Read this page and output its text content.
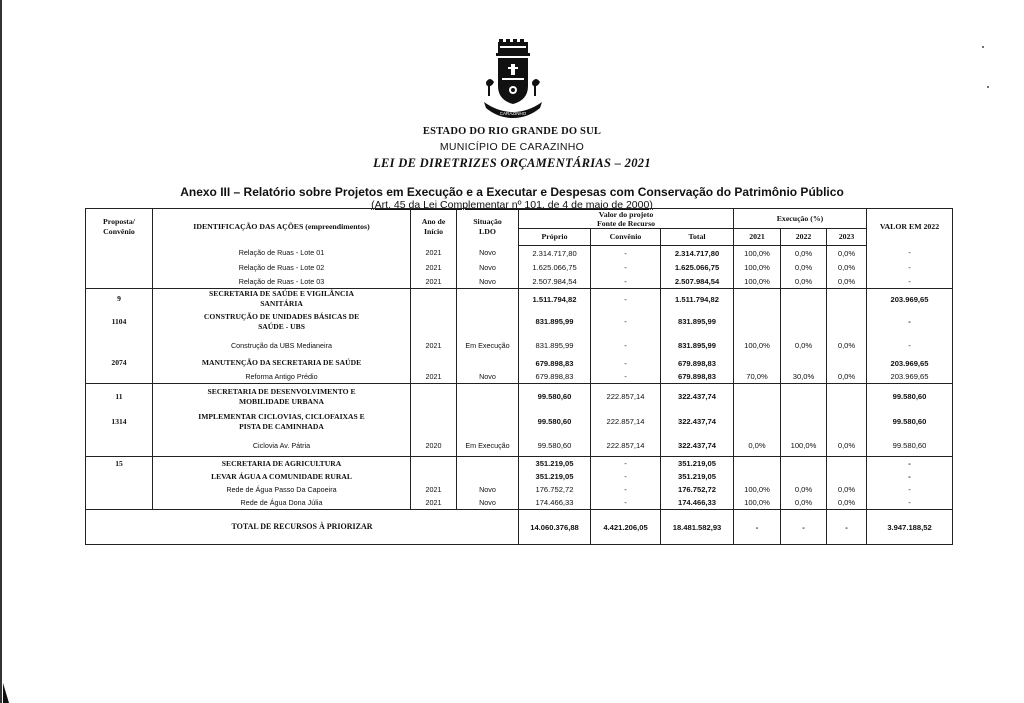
CARAZINHO
ESTADO DO RIO GRANDE DO SUL
MUNICÍPIO DE CARAZINHO
LEI DE DIRETRIZES ORÇAMENTÁRIAS – 2021
Anexo III – Relatório sobre Projetos em Execução e a Executar e Despesas com Conservação do Patrimônio Público
(Art. 45 da Lei Complementar nº 101, de 4 de maio de 2000)
Proposta/ Convênio	IDENTIFICAÇÃO DAS AÇÕES (empreendimentos)	Ano de Início	Situação LDO	Valor do projeto Fonte de Recurso			Execução (%)			VALOR EM 2022
				Próprio	Convênio	Total	2021	2022	2023	
	Relação de Ruas - Lote 01	2021	Novo	2.314.717,80	-	2.314.717,80	100,0%	0,0%	0,0%	-
	Relação de Ruas - Lote 02	2021	Novo	1.625.066,75	-	1.625.066,75	100,0%	0,0%	0,0%	-
	Relação de Ruas - Lote 03	2021	Novo	2.507.984,54	-	2.507.984,54	100,0%	0,0%	0,0%	-
9	SECRETARIA DE SAÚDE E VIGILÂNCIA SANITÁRIA			1.511.794,82	-	1.511.794,82				203.969,65
1104	CONSTRUÇÃO DE UNIDADES BÁSICAS DE SAÚDE - UBS			831.895,99	-	831.895,99				-
	Construção da UBS Medianeira	2021	Em Execução	831.895,99	-	831.895,99	100,0%	0,0%	0,0%	-
2074	MANUTENÇÃO DA SECRETARIA DE SAÚDE			679.898,83	-	679.898,83				203.969,65
	Reforma Antigo Prédio	2021	Novo	679.898,83	-	679.898,83	70,0%	30,0%	0,0%	203.969,65
11	SECRETARIA DE DESENVOLVIMENTO E MOBILIDADE URBANA			99.580,60	222.857,14	322.437,74				99.580,60
1314	IMPLEMENTAR CICLOVIAS, CICLOFAIXAS E PISTA DE CAMINHADA			99.580,60	222.857,14	322.437,74				99.580,60
	Ciclovia Av. Pátria	2020	Em Execução	99.580,60	222.857,14	322.437,74	0,0%	100,0%	0,0%	99.580,60
15	SECRETARIA DE AGRICULTURA			351.219,05	-	351.219,05				-
	LEVAR ÁGUA A COMUNIDADE RURAL			351.219,05	-	351.219,05				-
	Rede de Água Passo Da Capoeira	2021	Novo	176.752,72	-	176.752,72	100,0%	0,0%	0,0%	-
	Rede de Água Dona Júlia	2021	Novo	174.466,33	-	174.466,33	100,0%	0,0%	0,0%	-
TOTAL DE RECURSOS À PRIORIZAR				14.060.376,88	4.421.206,05	18.481.582,93	-	-	-	3.947.188,52
